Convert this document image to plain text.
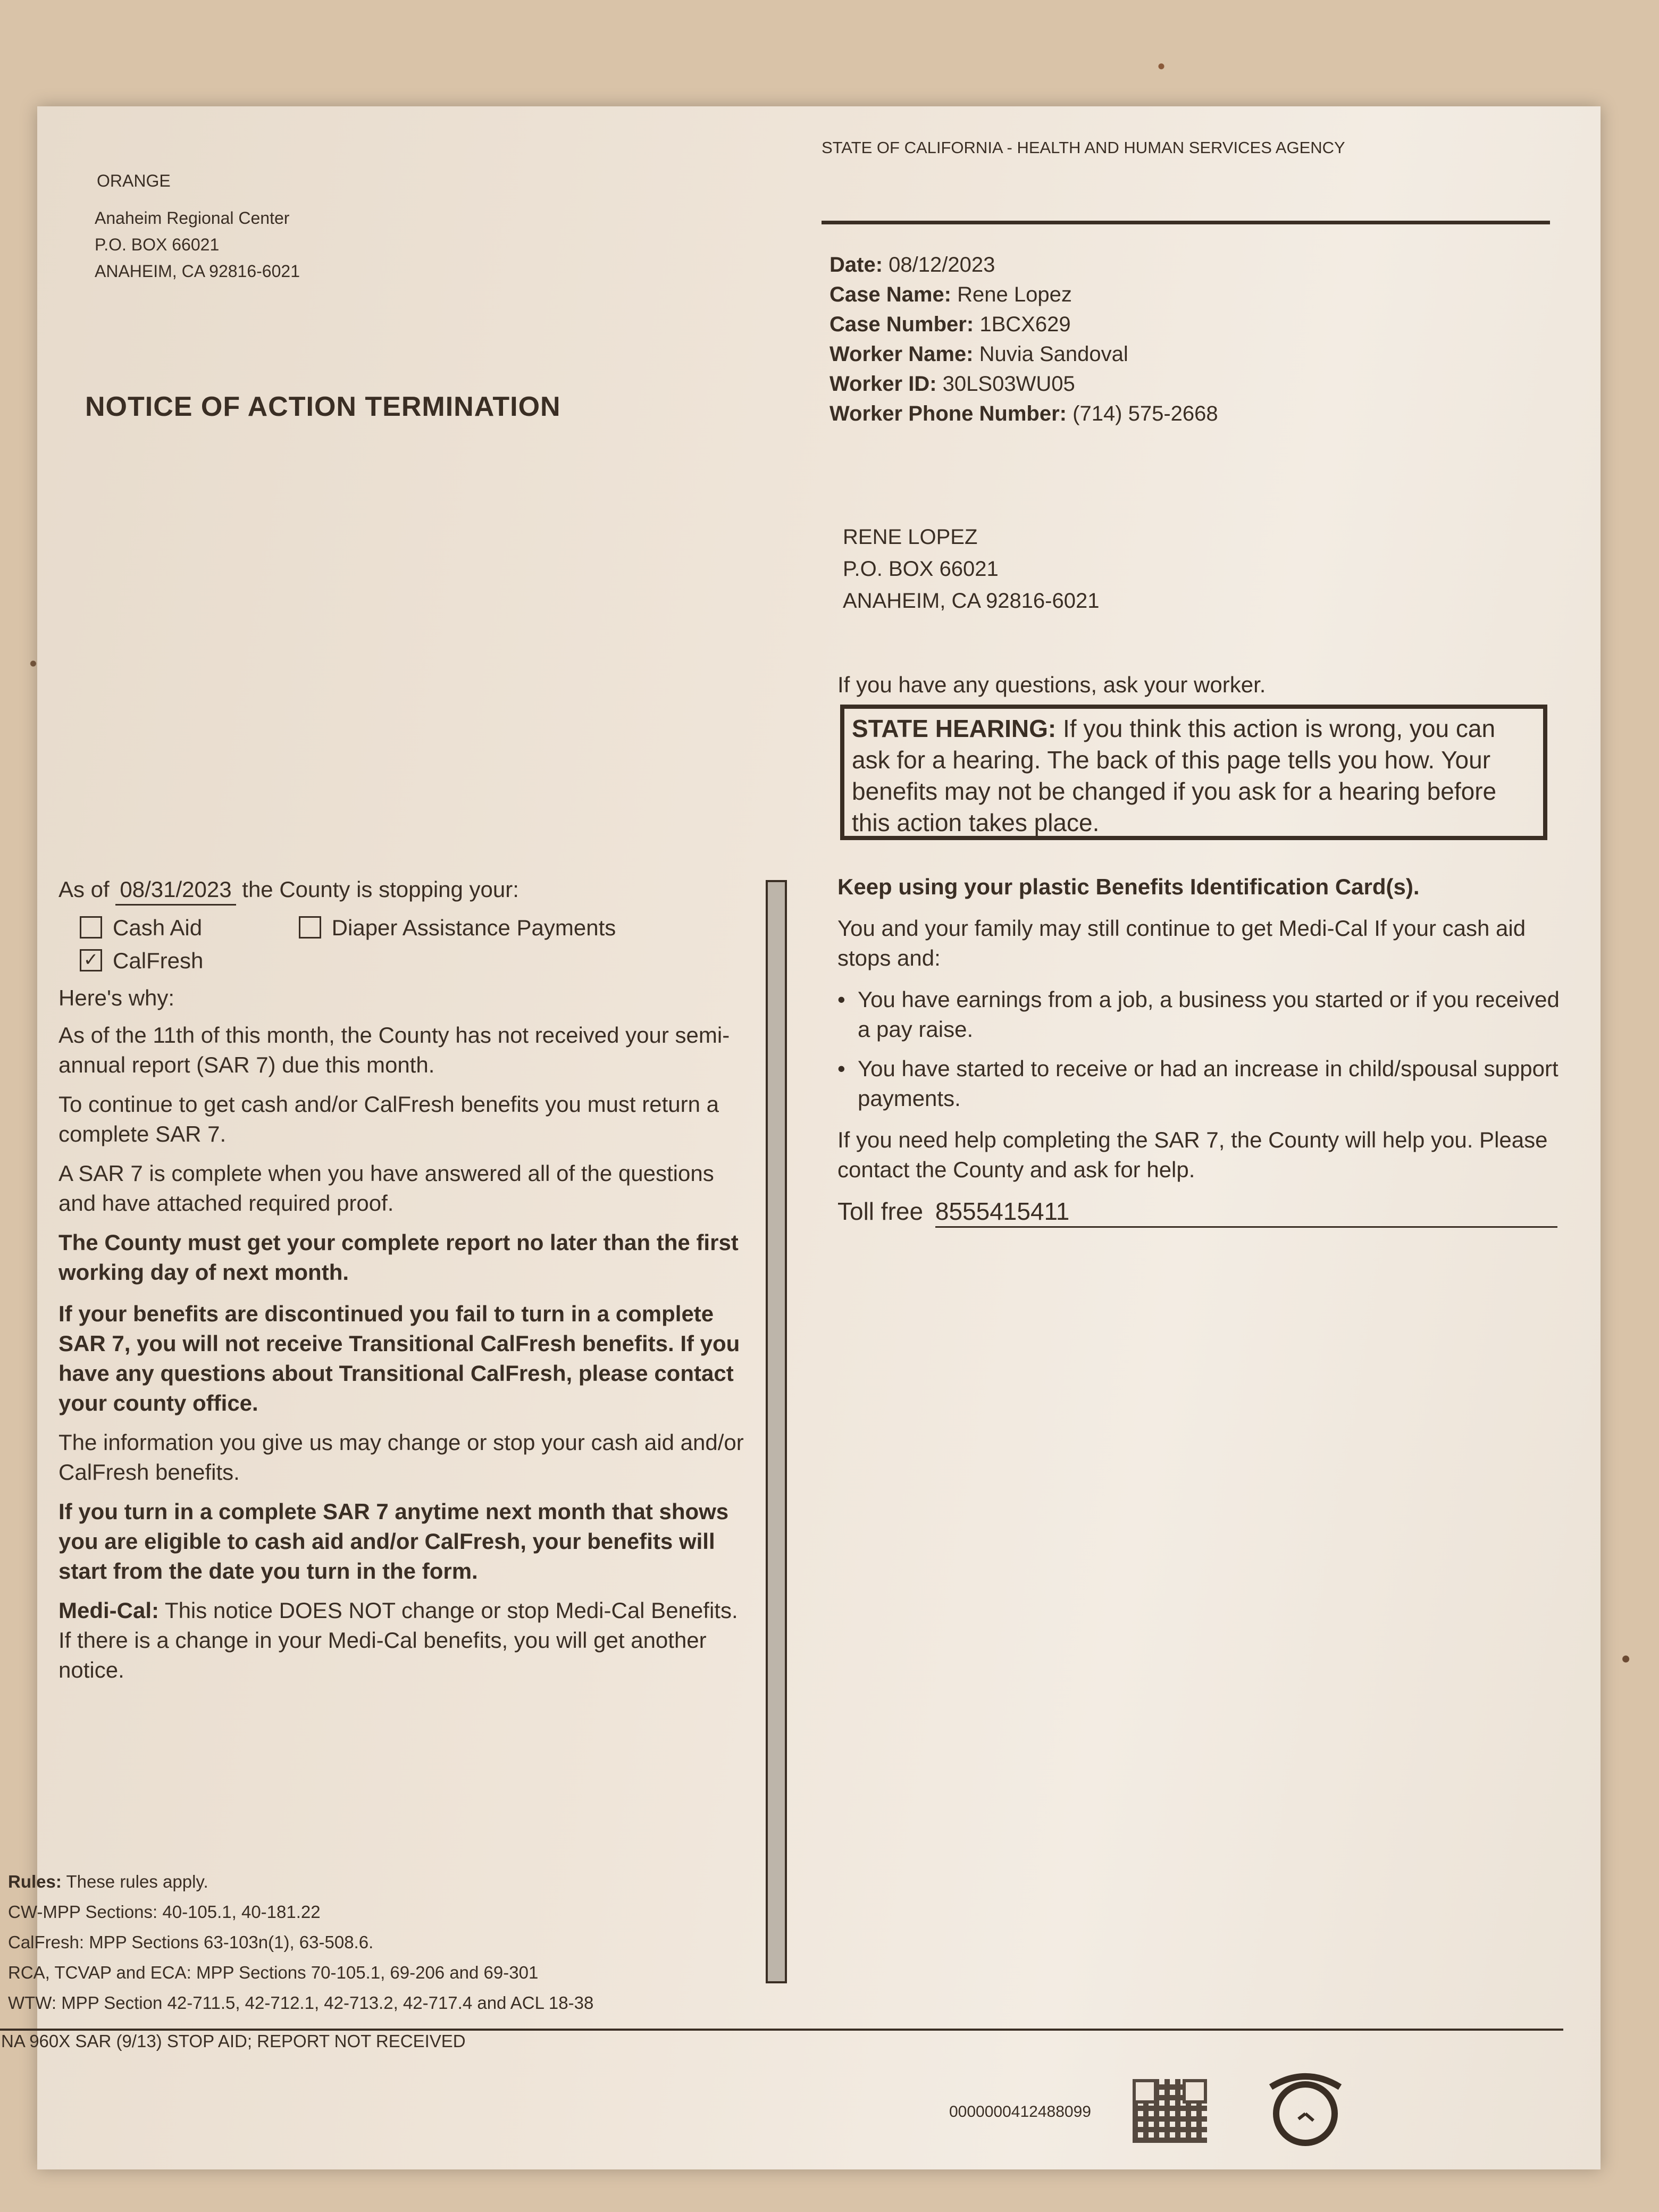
ORANGE
Anaheim Regional Center
P.O. BOX 66021
ANAHEIM, CA 92816-6021
STATE OF CALIFORNIA - HEALTH AND HUMAN SERVICES AGENCY
Date: 08/12/2023
Case Name: Rene Lopez
Case Number: 1BCX629
Worker Name: Nuvia Sandoval
Worker ID: 30LS03WU05
Worker Phone Number: (714) 575-2668
NOTICE OF ACTION TERMINATION
RENE LOPEZ
P.O. BOX 66021
ANAHEIM, CA 92816-6021
If you have any questions, ask your worker.
STATE HEARING: If you think this action is wrong, you can ask for a hearing. The back of this page tells you how. Your benefits may not be changed if you ask for a hearing before this action takes place.
As of 08/31/2023 the County is stopping your:
Cash Aid	Diaper Assistance Payments
✓ CalFresh
Here's why:
As of the 11th of this month, the County has not received your semi-annual report (SAR 7) due this month.
To continue to get cash and/or CalFresh benefits you must return a complete SAR 7.
A SAR 7 is complete when you have answered all of the questions and have attached required proof.
The County must get your complete report no later than the first working day of next month.
If your benefits are discontinued you fail to turn in a complete SAR 7, you will not receive Transitional CalFresh benefits. If you have any questions about Transitional CalFresh, please contact your county office.
The information you give us may change or stop your cash aid and/or CalFresh benefits.
If you turn in a complete SAR 7 anytime next month that shows you are eligible to cash aid and/or CalFresh, your benefits will start from the date you turn in the form.
Medi-Cal: This notice DOES NOT change or stop Medi-Cal Benefits. If there is a change in your Medi-Cal benefits, you will get another notice.
Keep using your plastic Benefits Identification Card(s).
You and your family may still continue to get Medi-Cal If your cash aid stops and:
• You have earnings from a job, a business you started or if you received a pay raise.
• You have started to receive or had an increase in child/spousal support payments.
If you need help completing the SAR 7, the County will help you. Please contact the County and ask for help.
Toll free 8555415411
Rules: These rules apply.
CW-MPP Sections: 40-105.1, 40-181.22
CalFresh: MPP Sections 63-103n(1), 63-508.6.
RCA, TCVAP and ECA: MPP Sections 70-105.1, 69-206 and 69-301
WTW: MPP Section 42-711.5, 42-712.1, 42-713.2, 42-717.4 and ACL 18-38
NA 960X SAR (9/13) STOP AID; REPORT NOT RECEIVED
0000000412488099
